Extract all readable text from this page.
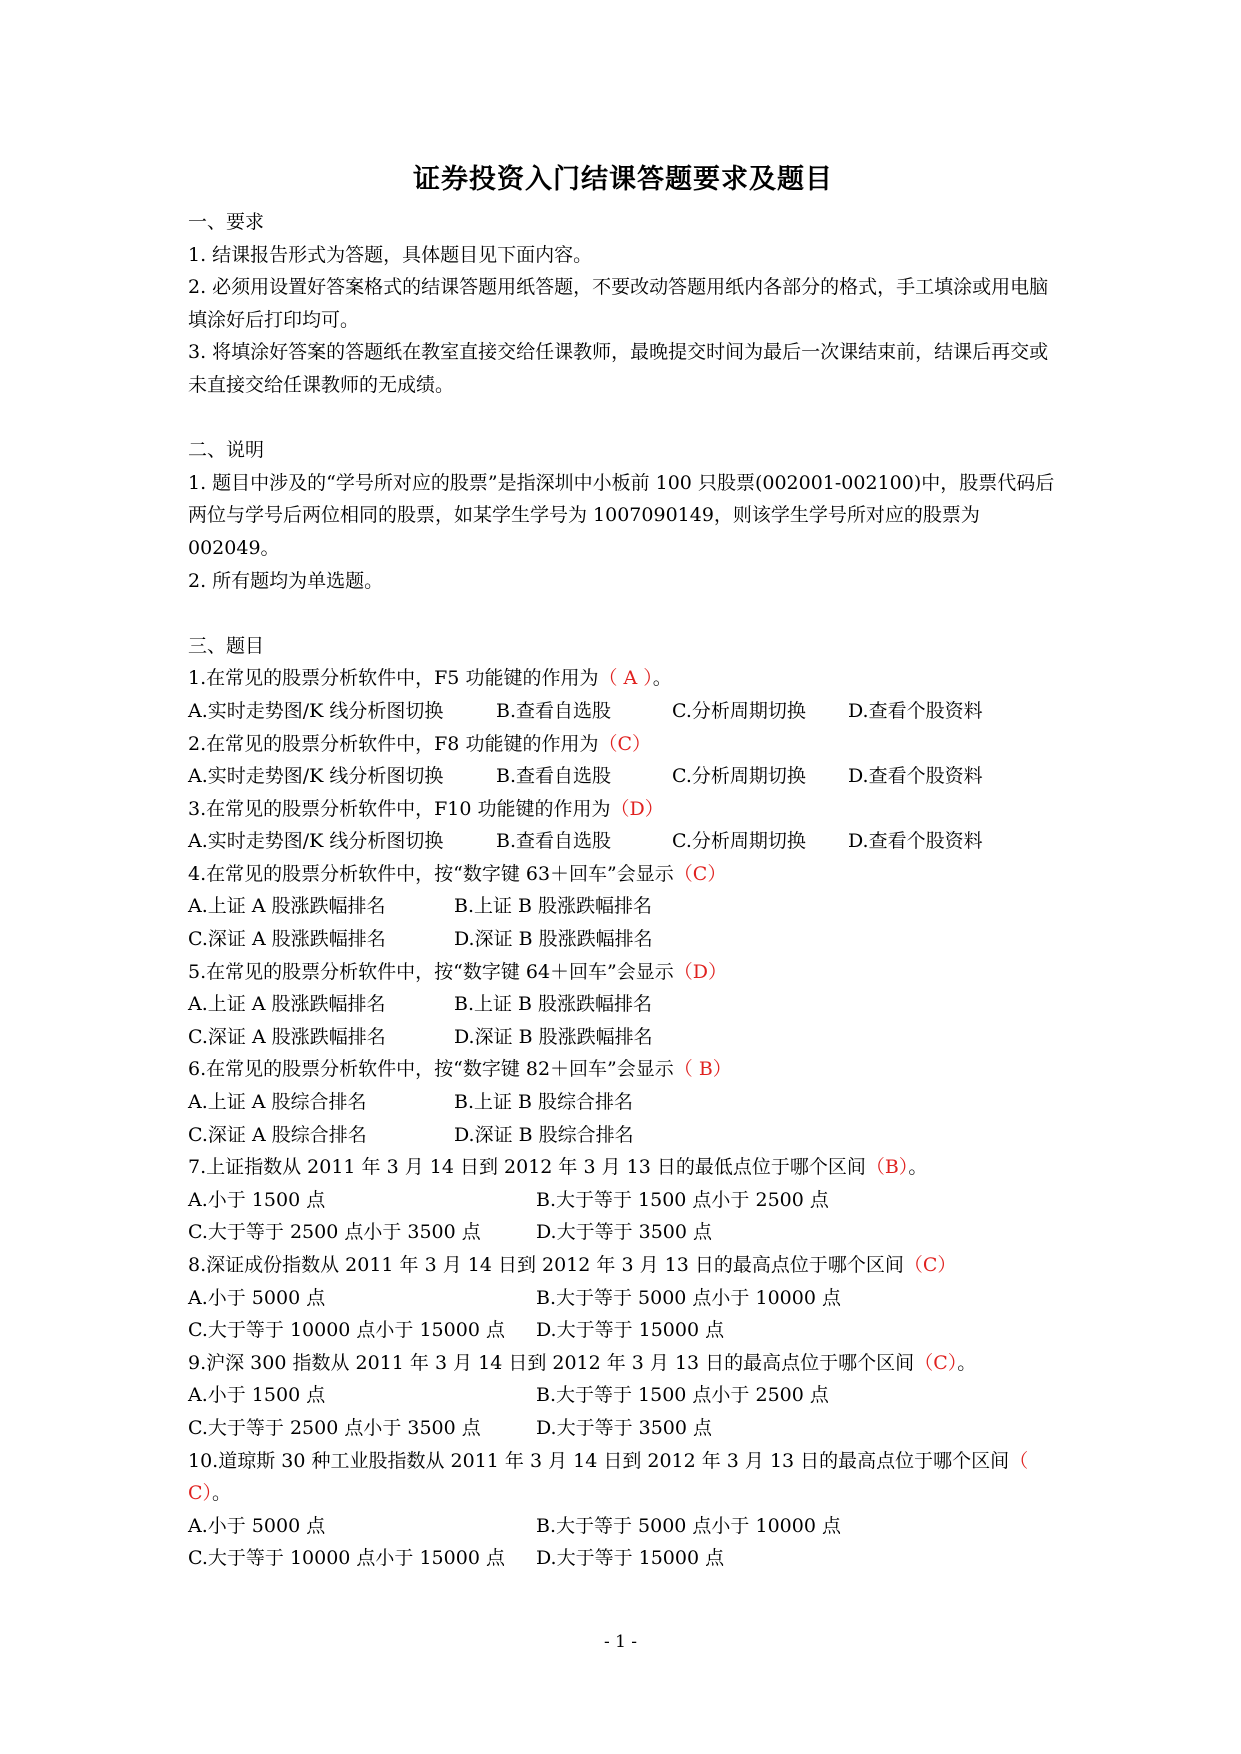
证券投资入门结课答题要求及题目
一、要求
1. 结课报告形式为答题，具体题目见下面内容。
2. 必须用设置好答案格式的结课答题用纸答题，不要改动答题用纸内各部分的格式，手工填涂或用电脑填涂好后打印均可。
3. 将填涂好答案的答题纸在教室直接交给任课教师，最晚提交时间为最后一次课结束前，结课后再交或未直接交给任课教师的无成绩。
二、说明
1. 题目中涉及的“学号所对应的股票”是指深圳中小板前 100 只股票(002001-002100)中，股票代码后两位与学号后两位相同的股票，如某学生学号为 1007090149，则该学生学号所对应的股票为 002049。
2. 所有题均为单选题。
三、题目
1.在常见的股票分析软件中，F5 功能键的作用为（ A ）。
A.实时走势图/K 线分析图切换	B.查看自选股	C.分析周期切换	D.查看个股资料
2.在常见的股票分析软件中，F8 功能键的作用为（C）
A.实时走势图/K 线分析图切换	B.查看自选股	C.分析周期切换	D.查看个股资料
3.在常见的股票分析软件中，F10 功能键的作用为（D）
A.实时走势图/K 线分析图切换	B.查看自选股	C.分析周期切换	D.查看个股资料
4.在常见的股票分析软件中，按“数字键 63＋回车”会显示（C）
A.上证 A 股涨跌幅排名	B.上证 B 股涨跌幅排名
C.深证 A 股涨跌幅排名	D.深证 B 股涨跌幅排名
5.在常见的股票分析软件中，按“数字键 64＋回车”会显示（D）
A.上证 A 股涨跌幅排名	B.上证 B 股涨跌幅排名
C.深证 A 股涨跌幅排名	D.深证 B 股涨跌幅排名
6.在常见的股票分析软件中，按“数字键 82＋回车”会显示（ B）
A.上证 A 股综合排名	B.上证 B 股综合排名
C.深证 A 股综合排名	D.深证 B 股综合排名
7.上证指数从 2011 年 3 月 14 日到 2012 年 3 月 13 日的最低点位于哪个区间（B）。
A.小于 1500 点	B.大于等于 1500 点小于 2500 点
C.大于等于 2500 点小于 3500 点	D.大于等于 3500 点
8.深证成份指数从 2011 年 3 月 14 日到 2012 年 3 月 13 日的最高点位于哪个区间（C）
A.小于 5000 点	B.大于等于 5000 点小于 10000 点
C.大于等于 10000 点小于 15000 点	D.大于等于 15000 点
9.沪深 300 指数从 2011 年 3 月 14 日到 2012 年 3 月 13 日的最高点位于哪个区间（C）。
A.小于 1500 点	B.大于等于 1500 点小于 2500 点
C.大于等于 2500 点小于 3500 点	D.大于等于 3500 点
10.道琼斯 30 种工业股指数从 2011 年 3 月 14 日到 2012 年 3 月 13 日的最高点位于哪个区间（ C）。
A.小于 5000 点	B.大于等于 5000 点小于 10000 点
C.大于等于 10000 点小于 15000 点	D.大于等于 15000 点
- 1 -
